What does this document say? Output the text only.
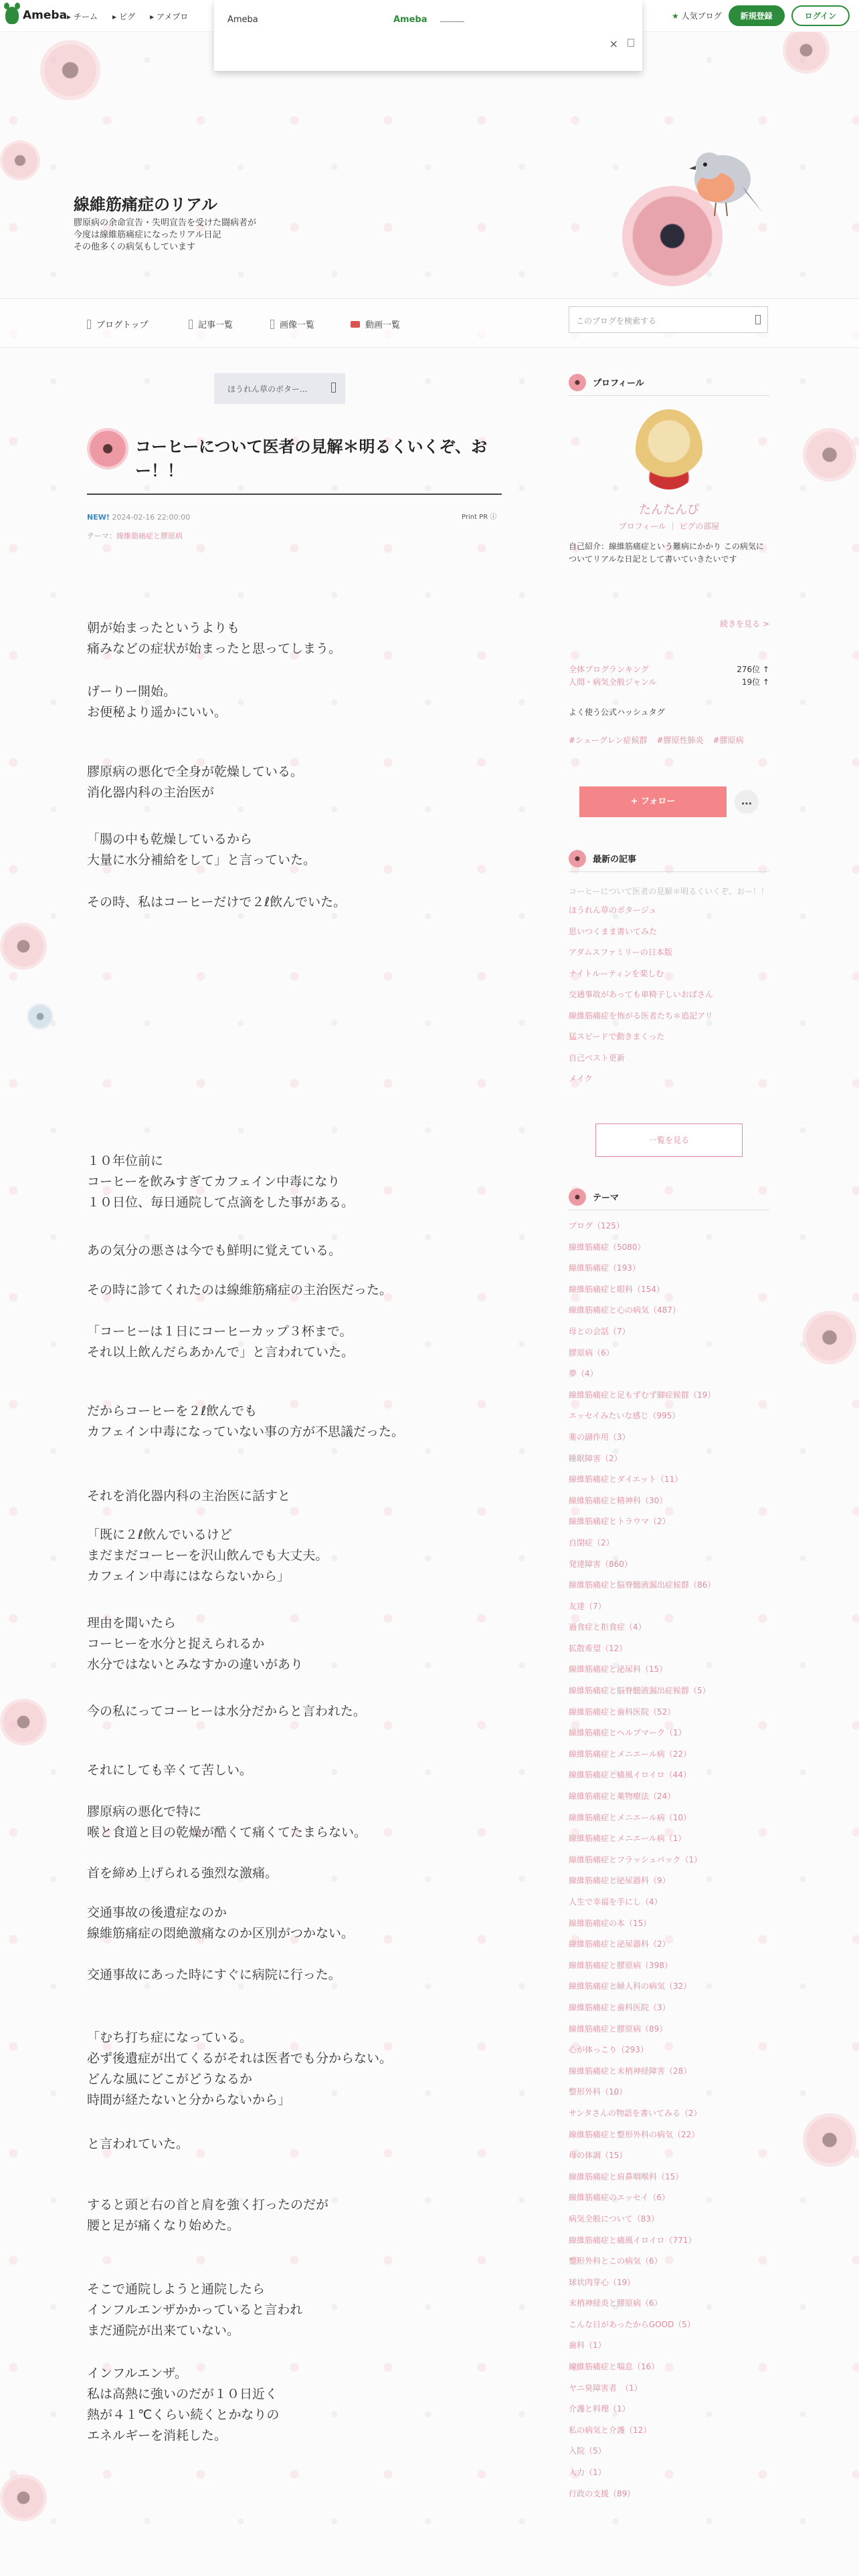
Ameba ▸ チーム ▸ ピグ ▸ アメプロ	★ 人気ブログ	新規登録	ログイン
Ameba	Ameba
×
線維筋痛症のリアル
膠原病の余命宣告・失明宣告を受けた闘病者が
今度は線維筋痛症になったリアル日記
その他多くの病気もしています
ブログトップ	記事一覧	画像一覧	動画一覧	このブログを検索する
ほうれん草のポター...
コーヒーについて医者の見解＊明るくいくぞ、おー！！
NEW! 2024-02-16 22:00:00
テーマ：線維筋痛症と膠原病
Print PR ⓘ
朝が始まったというよりも
痛みなどの症状が始まったと思ってしまう。
げーりー開始。
お便秘より遥かにいい。
膠原病の悪化で全身が乾燥している。
消化器内科の主治医が
「腸の中も乾燥しているから
大量に水分補給をして」と言っていた。
その時、私はコーヒーだけで２ℓ飲んでいた。
１０年位前に
コーヒーを飲みすぎてカフェイン中毒になり
１０日位、毎日通院して点滴をした事がある。
あの気分の悪さは今でも鮮明に覚えている。
その時に診てくれたのは線維筋痛症の主治医だった。
「コーヒーは１日にコーヒーカップ３杯まで。
それ以上飲んだらあかんで」と言われていた。
だからコーヒーを２ℓ飲んでも
カフェイン中毒になっていない事の方が不思議だった。
それを消化器内科の主治医に話すと
「既に２ℓ飲んでいるけど
まだまだコーヒーを沢山飲んでも大丈夫。
カフェイン中毒にはならないから」
理由を聞いたら
コーヒーを水分と捉えられるか
水分ではないとみなすかの違いがあり
今の私にってコーヒーは水分だからと言われた。
それにしても辛くて苦しい。
膠原病の悪化で特に
喉と食道と目の乾燥が酷くて痛くてたまらない。
首を締め上げられる強烈な激痛。
交通事故の後遺症なのか
線維筋痛症の悶絶激痛なのか区別がつかない。
交通事故にあった時にすぐに病院に行った。
「むち打ち症になっている。
必ず後遺症が出てくるがそれは医者でも分からない。
どんな風にどこがどうなるか
時間が経たないと分からないから」
と言われていた。
すると頭と右の首と肩を強く打ったのだが
腰と足が痛くなり始めた。
そこで通院しようと通院したら
インフルエンザかかっていると言われ
まだ通院が出来ていない。
インフルエンザ。
私は高熱に強いのだが１０日近く
熱が４１℃くらい続くとかなりの
エネルギーを消耗した。
プロフィール
たんたんぴ
プロフィール ｜ ピグの部屋
自己紹介：線維筋痛症という難病にかかり この病気についてリアルな日記として書いていきたいです
続きを見る >
全体ブログランキング	276位 ↑
人間・病気全般ジャンル	19位 ↑
よく使う公式ハッシュタグ
#シェーグレン症候群 #膠原性肺炎 #膠原病
+ フォロー	…
最新の記事
コーヒーについて医者の見解＊明るくいくぞ、おー！！
ほうれん草のポタージュ
思いつくまま書いてみた
アダムスファミリーの日本版
ナイトルーティンを楽しむ
交通事故があっても車椅子しいおばさん
線維筋痛症を怖がる医者たち＊追記アリ
猛スピードで動きまくった
自己ベスト更新
メイク
一覧を見る
テーマ
ブログ（125）
線維筋痛症（5080）
線維筋痛症（193）
線維筋痛症と眼科（154）
線維筋痛症と心の病気（487）
母との会話（7）
膠原病（6）
夢（4）
線維筋痛症と足もずむず脚症候群（19）
エッセイみたいな感じ（995）
薬の副作用（3）
睡眠障害（2）
線維筋痛症とダイエット（11）
線維筋痛症と精神科（30）
線維筋痛症とトラウマ（2）
自閉症（2）
発達障害（860）
線維筋痛症と脳脊髄液漏出症候群（86）
友達（7）
過食症と拒食症（4）
拡散希望（12）
線維筋痛症と泌尿科（15）
線維筋痛症と脳脊髄液漏出症候群（5）
線維筋痛症と歯科医院（52）
線維筋痛症とヘルプマーク（1）
線維筋痛症とメニエール病（22）
線維筋痛症と痛風イロイロ（44）
線維筋痛症と薬物療法（24）
線維筋痛症とメニエール病（10）
線維筋痛症とメニエール病（1）
線維筋痛症とフラッシュバック（1）
線維筋痛症と泌尿器科（9）
人生で幸福を手にし（4）
線維筋痛症の本（15）
線維筋痛症と泌尿器科（2）
線維筋痛症と膠原病（398）
線維筋痛症と婦人科の病気（32）
線維筋痛症と歯科医院（3）
線維筋痛症と膠原病（89）
心が体っこり（293）
線維筋痛症と末梢神経障害（28）
整形外科（10）
サンタさんの物語を書いてみる（2）
線維筋痛症と整形外科の病気（22）
母の体調（15）
線維筋痛症と肩鼻咽喉科（15）
線維筋痛症のエッセイ（6）
病気全般について（83）
線維筋痛症と痛風イロイロ（771）
整形外科とこの病気（6）
球状肉芽心（19）
末梢神経炎と膠原病（6）
こんな日があったからGOOD（5）
歯科（1）
線維筋痛症と喘息（16）
ヤニ臭障害者　（1）
介護と料理（1）
私の病気と介護（12）
入院（5）
入力（1）
行政の支援（89）
